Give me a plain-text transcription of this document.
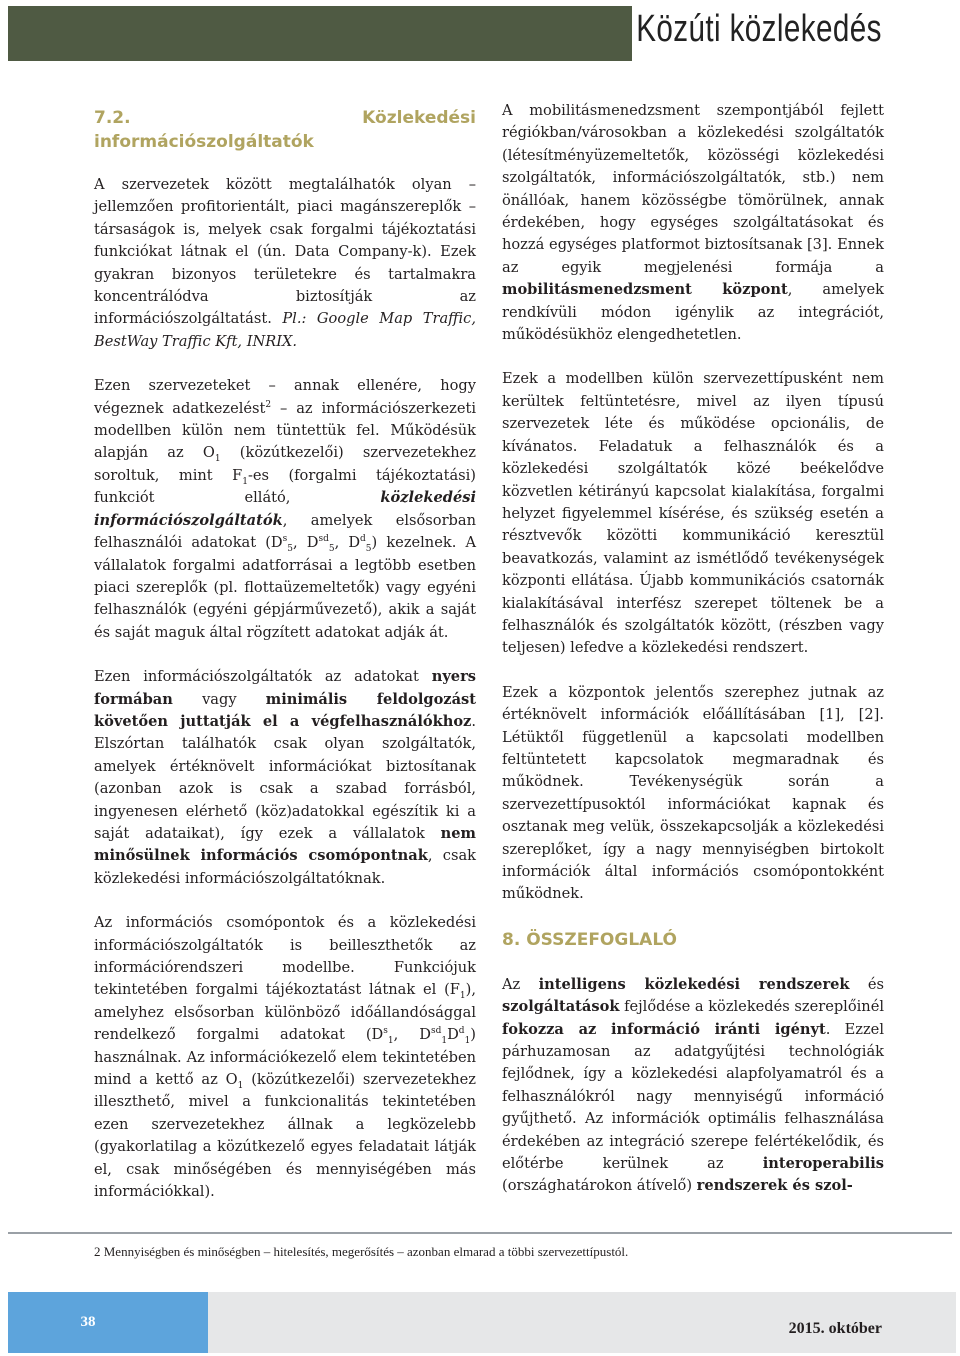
Közúti közlekedés
7.2. Közlekedési információszolgáltatók

A szervezetek között megtalálhatók olyan – jellemzően profitorientált, piaci magánszereplők – társaságok is, melyek csak forgalmi tájékoztatási funkciókat látnak el (ún. Data Company-k). Ezek gyakran bizonyos területekre és tartalmakra koncentrálódva biztosítják az információszolgáltatást. Pl.: Google Map Traffic, BestWay Traffic Kft, INRIX.

Ezen szervezeteket – annak ellenére, hogy végeznek adatkezelést$^2$ – az információszerkezeti modellben külön nem tüntettük fel. Működésük alapján az $O_1$ (közútkezelői) szervezetekhez soroltuk, mint $F_1-es$ (forgalmi tájékoztatási) funkciót ellátó, közlekedési információszolgáltatók, amelyek elsősorban felhasználói adatokat ($D^s_5$, $D^{sd}_5$, $D^d_5$) kezelnek. A vállalatok forgalmi adatforrásai a legtöbb esetben piaci szereplők (pl. flottaüzemeltetők) vagy egyéni felhasználók (egyéni gépjárművezető), akik a saját és saját maguk által rögzített adatokat adják át.

Ezen információszolgáltatók az adatokat nyers formában vagy minimális feldolgozást követően juttatják el a végfelhasználókhoz. Elszórtan találhatók csak olyan szolgáltatók, amelyek értéknövelt információkat biztosítanak (azonban azok is csak a szabad forrásból, ingyenesen elérhető (köz)adatokkal egészítik ki a saját adataikat), így ezek a vállalatok nem minősülnek információs csomópontnak, csak közlekedési információszolgáltatóknak.

Az információs csomópontok és a közlekedési információszolgáltatók is beilleszthetők az információrendszeri modellbe. Funkciójuk tekintetében forgalmi tájékoztatást látnak el $(F_1)$, amelyhez elsősorban különböző időállandósággal rendelkező forgalmi adatokat ($D^s_1$, $D^{sd}_1D^d_1$) használnak. Az információkezelő elem tekintetében mind a kettő az $O_1$ (közútkezelői) szervezetekhez illeszthető, mivel a funkcionalitás tekintetében ezen szervezetekhez állnak a legközelebb (gyakorlatilag a közútkezelő egyes feladatait látják el, csak minőségében és mennyiségében más információkkal).

A mobilitásmenedzsment szempontjából fejlett régiókban/városokban a közlekedési szolgáltatók (létesítményüzemeltetők, közösségi közlekedési szolgáltatók, információszolgáltatók, stb.) nem önállóak, hanem közösségbe tömörülnek, annak érdekében, hogy egységes szolgáltatásokat és hozzá egységes platformot biztosítsanak [3]. Ennek az egyik megjelenési formája a mobilitásmenedzsment központ, amelyek rendkívüli módon igénylik az integrációt, működésükhöz elengedhetetlen.

Ezek a modellben külön szervezettípusként nem kerültek feltüntetésre, mivel az ilyen típusú szervezetek léte és működése opcionális, de kívánatos. Feladatuk a felhasználók és a közlekedési szolgáltatók közé beékelődve közvetlen kétirányú kapcsolat kialakítása, forgalmi helyzet figyelemmel kísérése, és szükség esetén a résztvevők közötti kommunikáció keresztül beavatkozás, valamint az ismétlődő tevékenységek központi ellátása. Újabb kommunikációs csatornák kialakításával interfész szerepet töltenek be a felhasználók és szolgáltatók között, (részben vagy teljesen) lefedve a közlekedési rendszert.

Ezek a központok jelentős szerephez jutnak az értéknövelt információk előállításában [1], [2]. Létüktől függetlenül a kapcsolati modellben feltüntetett kapcsolatok megmaradnak és működnek. Tevékenységük során a szervezettípusoktól információkat kapnak és osztanak meg velük, összekapcsolják a közlekedési szereplőket, így a nagy mennyiségben birtokolt információk által információs csomópontokként működnek.

8. ÖSSZEFOGLALÓ

Az intelligens közlekedési rendszerek és szolgáltatások fejlődése a közlekedés szereplőinél fokozza az információ iránti igényt. Ezzel párhuzamosan az adatgyűjtési technológiák fejlődnek, így a közlekedési alapfolyamatról és a felhasználókról nagy mennyiségű információ gyűjthető. Az információk optimális felhasználása érdekében az integráció szerepe felértékelődik, és előtérbe kerülnek az interoperabilis (országhatárokon átívelő) rendszerek és szol-

2 Mennyiségben és minőségben – hitelesítés, megerősítés – azonban elmarad a többi szervezettípustól.
38	2015. október
